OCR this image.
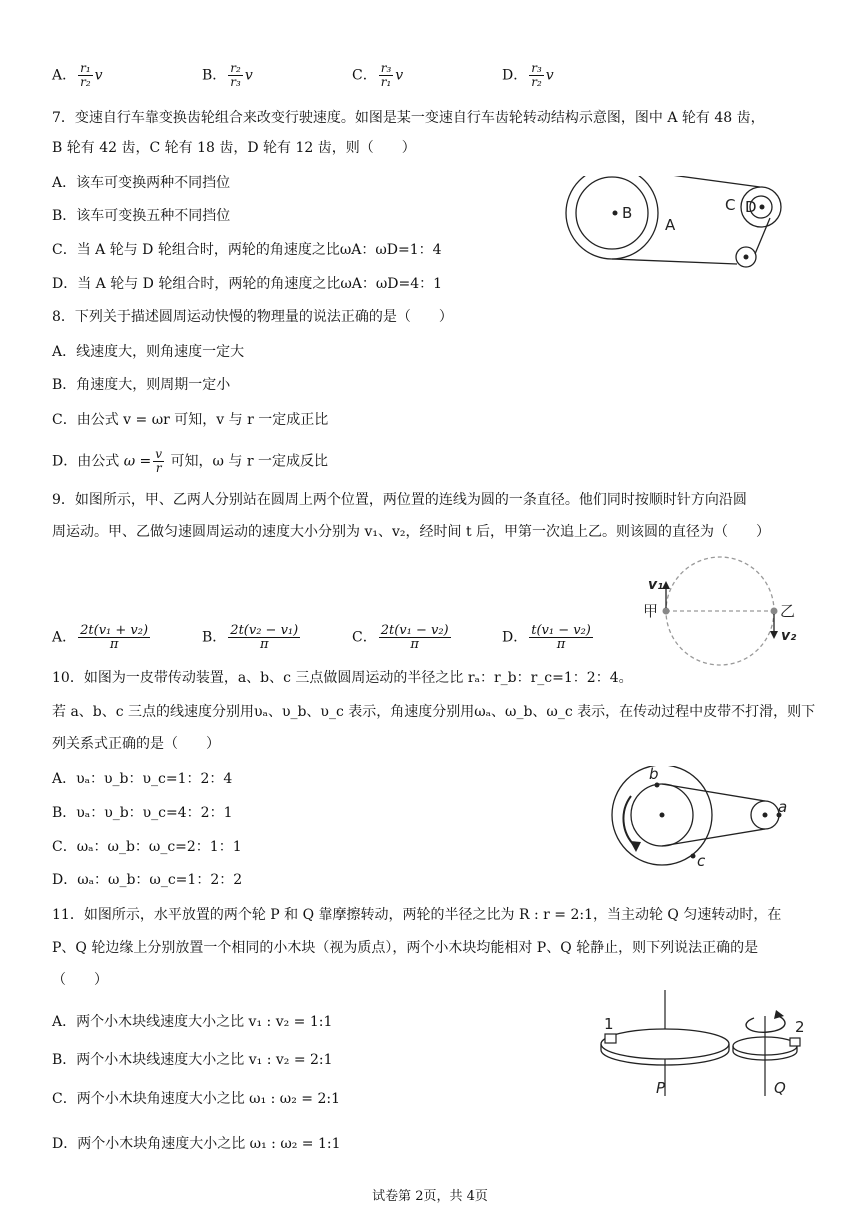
A． $\frac{\text{r₁}}{\text{r₂}}$ v	B． $\frac{\text{r₂}}{\text{r₃}}$ v	C． $\frac{\text{r₃}}{\text{r₁}}$ v	D． $\frac{\text{r₃}}{\text{r₂}}$ v
7．变速自行车靠变换齿轮组合来改变行驶速度。如图是某一变速自行车齿轮转动结构示意图，图中 A 轮有 48 齿，
B 轮有 42 齿，C 轮有 18 齿，D 轮有 12 齿，则（　　）
A．该车可变换两种不同挡位
B．该车可变换五种不同挡位
C．当 A 轮与 D 轮组合时，两轮的角速度之比ωA：ωD=1：4
D．当 A 轮与 D 轮组合时，两轮的角速度之比ωA：ωD=4：1
B
A
C D
8．下列关于描述圆周运动快慢的物理量的说法正确的是（　　）
A．线速度大，则角速度一定大
B．角速度大，则周期一定小
C．由公式 v = ωr 可知，v 与 r 一定成正比
D．由公式 $\omega = \frac{v}{r}$ 可知，ω 与 r 一定成反比
9．如图所示，甲、乙两人分别站在圆周上两个位置，两位置的连线为圆的一条直径。他们同时按顺时针方向沿圆
周运动。甲、乙做匀速圆周运动的速度大小分别为 v₁、v₂，经时间 t 后，甲第一次追上乙。则该圆的直径为（　　）
A． $\frac{\text{2t(v₁ + v₂)}}{\pi}$	B． $\frac{\text{2t(v₂ − v₁)}}{\pi}$	C． $\frac{\text{2t(v₁ − v₂)}}{\pi}$	D． $\frac{\text{t(v₁ − v₂)}}{\pi}$
v₁
甲	乙
v₂
10．如图为一皮带传动装置，a、b、c 三点做圆周运动的半径之比 rₐ：r_b：r_c=1：2：4。
若 a、b、c 三点的线速度分别用υₐ、υ_b、υ_c 表示，角速度分别用ωₐ、ω_b、ω_c 表示，在传动过程中皮带不打滑，则下
列关系式正确的是（　　）
A．υₐ：υ_b：υ_c=1：2：4
B．υₐ：υ_b：υ_c=4：2：1
C．ωₐ：ω_b：ω_c=2：1：1
D．ωₐ：ω_b：ω_c=1：2：2
b
a
c
11．如图所示，水平放置的两个轮 P 和 Q 靠摩擦转动，两轮的半径之比为 R : r = 2:1，当主动轮 Q 匀速转动时，在
P、Q 轮边缘上分别放置一个相同的小木块（视为质点），两个小木块均能相对 P、Q 轮静止，则下列说法正确的是
（　　）
A．两个小木块线速度大小之比 v₁ : v₂ = 1:1
B．两个小木块线速度大小之比 v₁ : v₂ = 2:1
C．两个小木块角速度大小之比 ω₁ : ω₂ = 2:1
D．两个小木块角速度大小之比 ω₁ : ω₂ = 1:1
1	2
P	Q
试卷第 2页，共 4页
